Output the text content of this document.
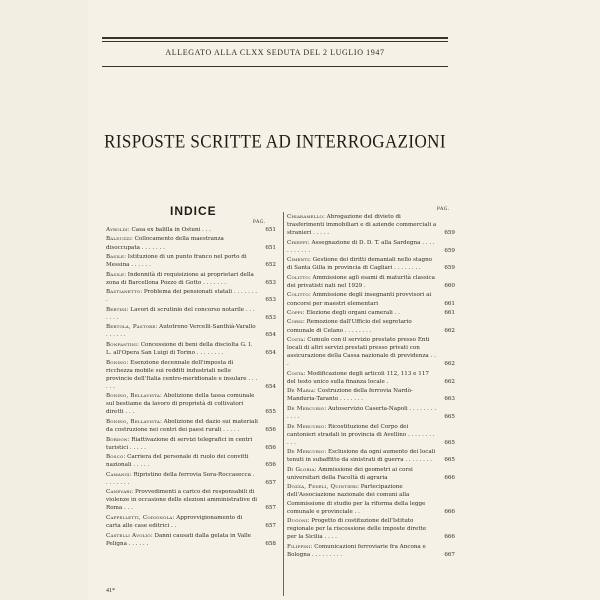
ALLEGATO ALLA CLXX SEDUTA DEL 2 LUGLIO 1947
RISPOSTE SCRITTE AD INTERROGAZIONI
INDICE
PAG.
PAG.
Ayroldi: Casa ex balilla in Ostuni . . .	651
Balduzzi: Collocamento della maestranza disoccupata . . . . . . .	651
Basile: Istituzione di un punto franco nel porto di Messina . . . . . .	652
Basile: Indennità di requisizione ai proprietari della zona di Barcellona Pozzo di Gotto . . . . . . .	653
Bastianetto: Problema dei pensionati statali . . . . . . . .	653
Bertini: Lavori di scrutinio del concorso notarile . . . . . . .	653
Bertola, Pastore: Autotreno Vercelli-Santhià-Varallo . . . . . .	654
Bonfantini: Concessione di beni della disciolta G. I. L. all'Opera San Luigi di Torino . . . . . . . .	654
Bonino: Esenzione decennale dell'imposta di ricchezza mobile sui redditi industriali nelle provincie dell'Italia centro-meridionale e insulare . . . . . .	654
Bonino, Bellavista: Abolizione della tassa comunale sul bestiame da lavoro di proprietà di coltivatori diretti . . .	655
Bonino, Bellavista: Abolizione del dazio sui materiali da costruzione nei centri dei paesi rurali . . . . .	656
Bordon: Riattivazione di servizi telegrafici in centri turistici . . . . .	656
Bosco: Carriera del personale di ruolo dei convitti nazionali . . . . .	656
Camangi: Ripristino della ferrovia Sora-Roccasecca . . . . . . . .	657
Canevari: Provvedimenti a carico dei responsabili di violenze in occasione delle elezioni amministrative di Roma . . .	657
Cappelletti, Codignola: Approvvigionamento di carta alle case editrici . .	657
Castelli Avolio: Danni causati dalla gelata in Valle Peligna . . . . . .	658
Chiaramello: Abrogazione del divieto di trasferimenti immobiliari e di aziende commerciali a stranieri . . . . .	659
Chieffi: Assegnazione di D. D. T. alla Sardegna . . . . . . . . . . .	659
Cimenti: Gestione dei diritti demaniali nello stagno di Santa Gilla in provincia di Cagliari . . . . . . . .	659
Colitto: Ammissione agli esami di maturità classica dei privatisti nati nel 1929 .	660
Colitto: Ammissione degli insegnanti provvisori ai concorsi per maestri elementari	661
Coppi: Elezione degli organi camerali . .	661
Corsi: Remozione dall'Ufficio del segretario comunale di Celano . . . . . . . .	662
Costa: Cumulo con il servizio prestato presso Enti locali di altri servizi prestati presso privati con assicurazione della Cassa nazionale di previdenza . . .	662
Costa: Modificazione degli articoli 112, 113 e 117 del testo unico sulla finanza locale .	662
De Maria: Costruzione della ferrovia Nardò-Manduria-Taranto . . . . . . .	663
De Mercurio: Autoservizio Caserta-Napoli . . . . . . . . . . . .	665
De Mercurio: Ricostituzione del Corpo dei cantonieri stradali in provincia di Avellino . . . . . . . . . . .	665
De Mercurio: Esclusione da ogni aumento dei locali tenuti in subaffitto da sinistrati di guerra . . . . . . . .	665
Di Gloria: Ammissione dei geometri ai corsi universitari della Facoltà di agraria	666
Dozza, Fedeli, Quintieri: Partecipazione dell'Associazione nazionale dei comuni alla Commissione di studio per la riforma della legge comunale e provinciale . .	666
Dugoni: Progetto di costituzione dell'Istituto regionale per la riscossione delle imposte dirette per la Sicilia . . . .	666
Filippini: Comunicazioni ferroviarie fra Ancona e Bologna . . . . . . . . .	667
41*
